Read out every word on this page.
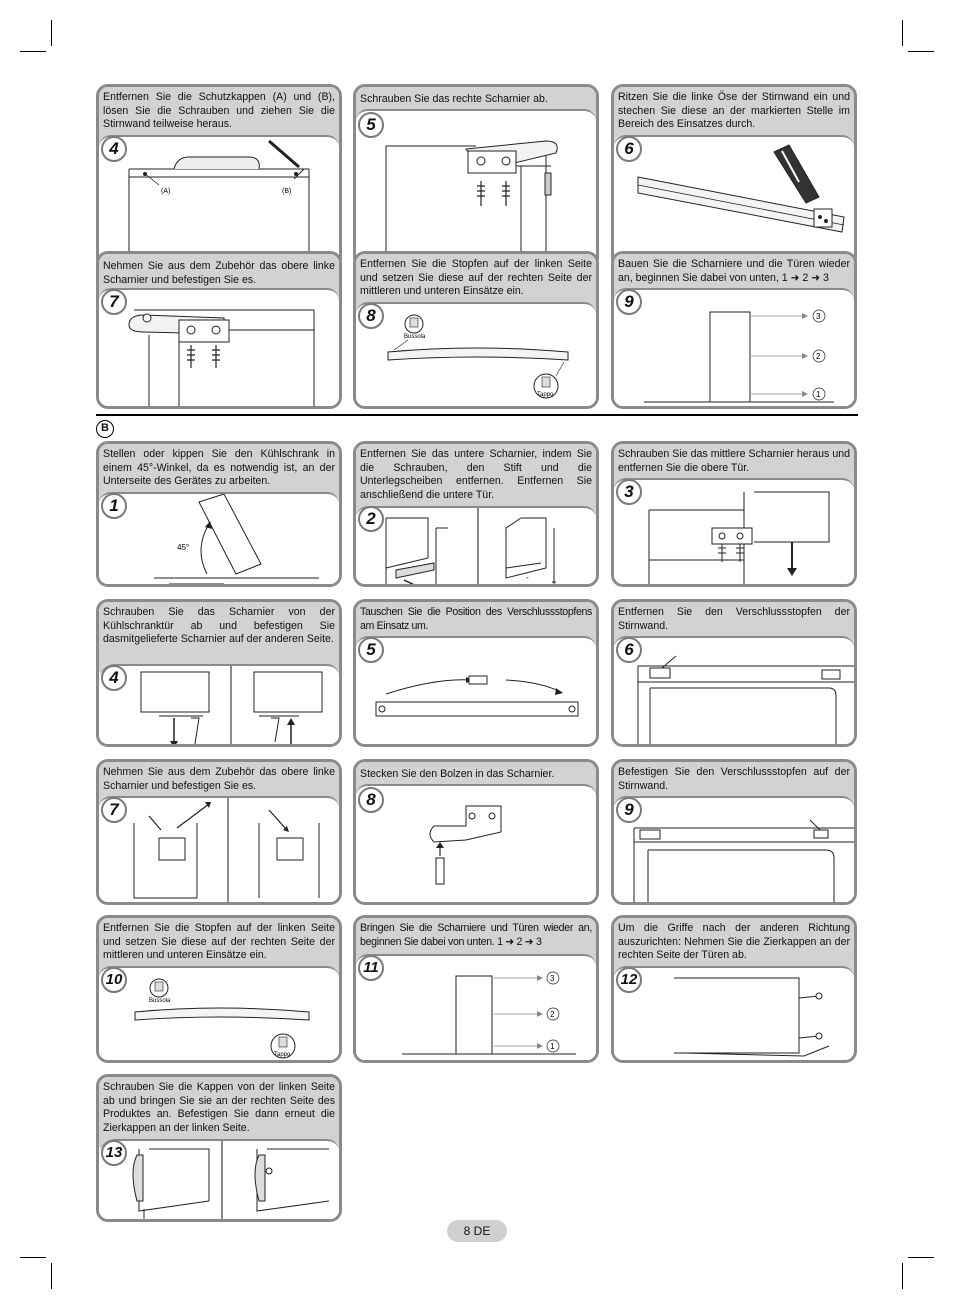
Entfernen Sie die Schutzkappen (A) und (B), lösen Sie die Schrauben und ziehen Sie die Stirnwand teilweise heraus.
(A)	(B)
4
Schrauben Sie das rechte Scharnier ab.
5
Ritzen Sie die linke Öse der Stirnwand ein und stechen Sie diese an der markierten Stelle im Bereich des Einsatzes durch.
6
Nehmen Sie aus dem Zubehör das obere linke Scharnier und befestigen Sie es.
7
Entfernen Sie die Stopfen auf der linken Seite und setzen Sie diese auf der rechten Seite der mittleren und unteren Einsätze ein.
Bussola
Tappo
8
Bauen Sie die Scharniere und die Türen wieder an, beginnen Sie dabei von unten, 1 ➜ 2 ➜ 3
3
2
1
9
B
Stellen oder kippen Sie den Kühlschrank in einem 45°-Winkel, da es notwendig ist, an der Unterseite des Gerätes zu arbeiten.
45°
1
Entfernen Sie das untere Scharnier, indem Sie die Schrauben, den Stift und die Unterlegscheiben entfernen. Entfernen Sie anschließend die untere Tür.
-
2
Schrauben Sie das mittlere Scharnier heraus und entfernen Sie die obere Tür.
3
Schrauben Sie das Scharnier von der Kühlschranktür ab und befestigen Sie dasmitgelieferte Scharnier auf der anderen Seite.
4
Tauschen Sie die Position des Verschlussstopfens am Einsatz um.
5
Entfernen Sie den Verschlussstopfen der Stirnwand.
6
Nehmen Sie aus dem Zubehör das obere linke Scharnier und befestigen Sie es.
7
Stecken Sie den Bolzen in das Scharnier.
8
Befestigen Sie den Verschlussstopfen auf der Stirnwand.
9
Entfernen Sie die Stopfen auf der linken Seite und setzen Sie diese auf der rechten Seite der mittleren und unteren Einsätze ein.
Bussola
Tappo
10
Bringen Sie die Scharniere und Türen wieder an, beginnen Sie dabei von unten. 1 ➜ 2 ➜ 3
3
2
1
11
Um die Griffe nach der anderen Richtung auszurichten: Nehmen Sie die Zierkappen an der rechten Seite der Türen ab.
12
Schrauben Sie die Kappen von der linken Seite ab und bringen Sie sie an der rechten Seite des Produktes an. Befestigen Sie dann erneut die Zierkappen an der linken Seite.
13
8 DE
